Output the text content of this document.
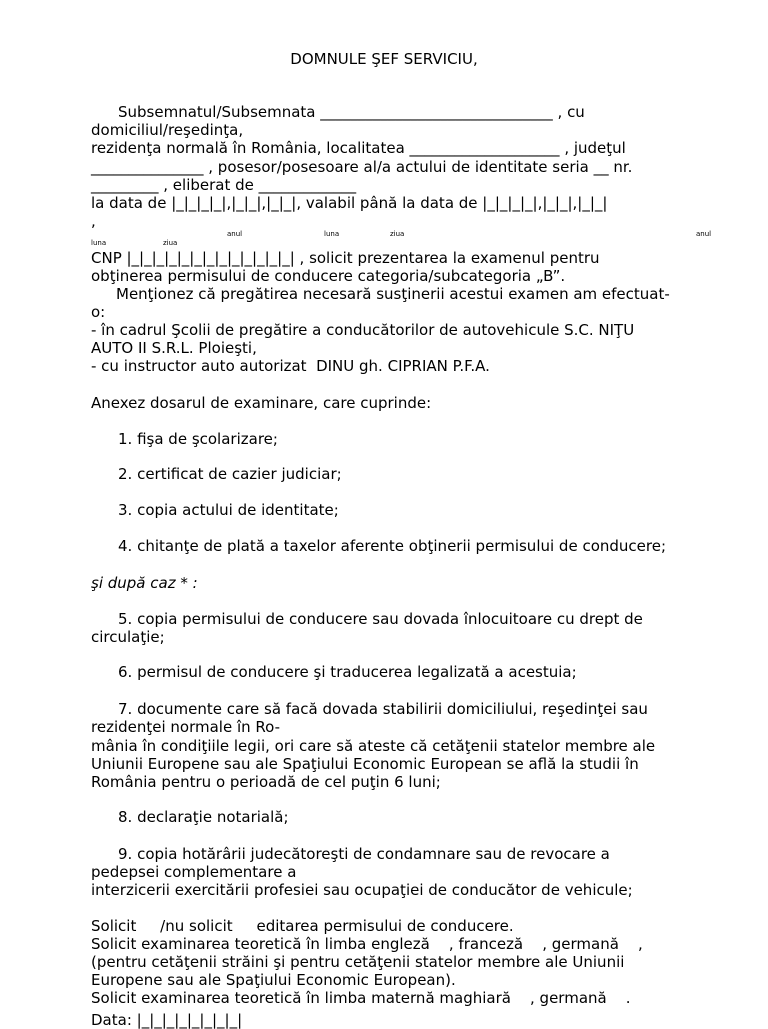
DOMNULE ŞEF SERVICIU,
Subsemnatul/Subsemnata _______________________________ , cu
domiciliul/reşedinţa,
rezidenţa normală în România, localitatea ____________________ , judeţul
_______________ , posesor/posesoare al/a actului de identitate seria __ nr.
_________ , eliberat de _____________
la data de |_|_|_|_|,|_|_|,|_|_|, valabil până la data de |_|_|_|_|,|_|_|,|_|_|
,
anul	luna	ziua	anul
luna	ziua
CNP |_|_|_|_|_|_|_|_|_|_|_|_|_| , solicit prezentarea la examenul pentru
obţinerea permisului de conducere categoria/subcategoria „B”.
Menţionez că pregătirea necesară susţinerii acestui examen am efectuat-
o:
- în cadrul Şcolii de pregătire a conducătorilor de autovehicule S.C. NIŢU
AUTO II S.R.L. Ploieşti,
- cu instructor auto autorizat  DINU gh. CIPRIAN P.F.A.
Anexez dosarul de examinare, care cuprinde:
1. fişa de şcolarizare;
2. certificat de cazier judiciar;
3. copia actului de identitate;
4. chitanţe de plată a taxelor aferente obţinerii permisului de conducere;
şi după caz * :
5. copia permisului de conducere sau dovada înlocuitoare cu drept de
circulaţie;
6. permisul de conducere şi traducerea legalizată a acestuia;
7. documente care să facă dovada stabilirii domiciliului, reşedinţei sau
rezidenţei normale în Ro-
mânia în condiţiile legii, ori care să ateste că cetăţenii statelor membre ale
Uniunii Europene sau ale Spaţiului Economic European se află la studii în
România pentru o perioadă de cel puţin 6 luni;
8. declaraţie notarială;
9. copia hotărârii judecătoreşti de condamnare sau de revocare a
pedepsei complementare a
interzicerii exercitării profesiei sau ocupaţiei de conducător de vehicule;
Solicit     /nu solicit     editarea permisului de conducere.
Solicit examinarea teoretică în limba engleză    , franceză    , germană    ,
(pentru cetăţenii străini şi pentru cetăţenii statelor membre ale Uniunii
Europene sau ale Spaţiului Economic European).
Solicit examinarea teoretică în limba maternă maghiară    , germană    .
Data: |_|_|_|_|_|_|_|_|
